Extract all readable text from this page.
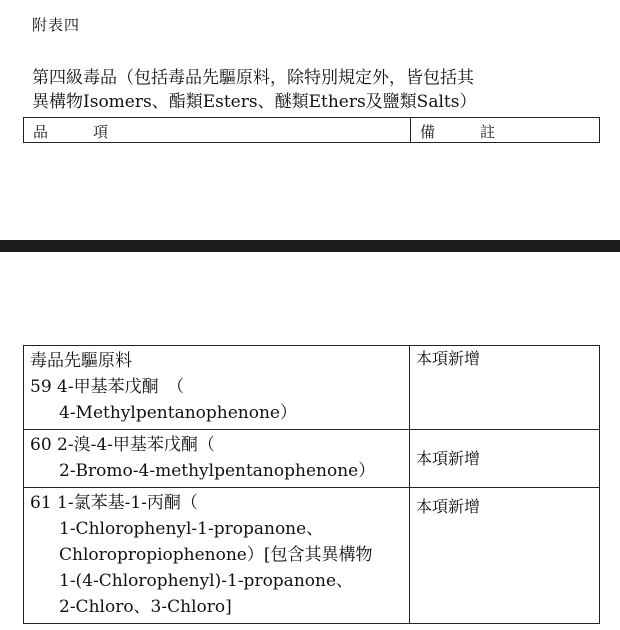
附表四
第四級毒品（包括毒品先驅原料，除特別規定外，皆包括其
異構物Isomers、酯類Esters、醚類Ethers及鹽類Salts）
品　　　項	備　　　註
毒品先驅原料
59 4-甲基苯戊酮　（
4-Methylpentanophenone）
本項新增
60 2-溴-4-甲基苯戊酮（
2-Bromo-4-methylpentanophenone）
本項新增
61 1-氯苯基-1-丙酮（
1-Chlorophenyl-1-propanone、
Chloropropiophenone）[包含其異構物
1-(4-Chlorophenyl)-1-propanone、
2-Chloro、3-Chloro]
本項新增
